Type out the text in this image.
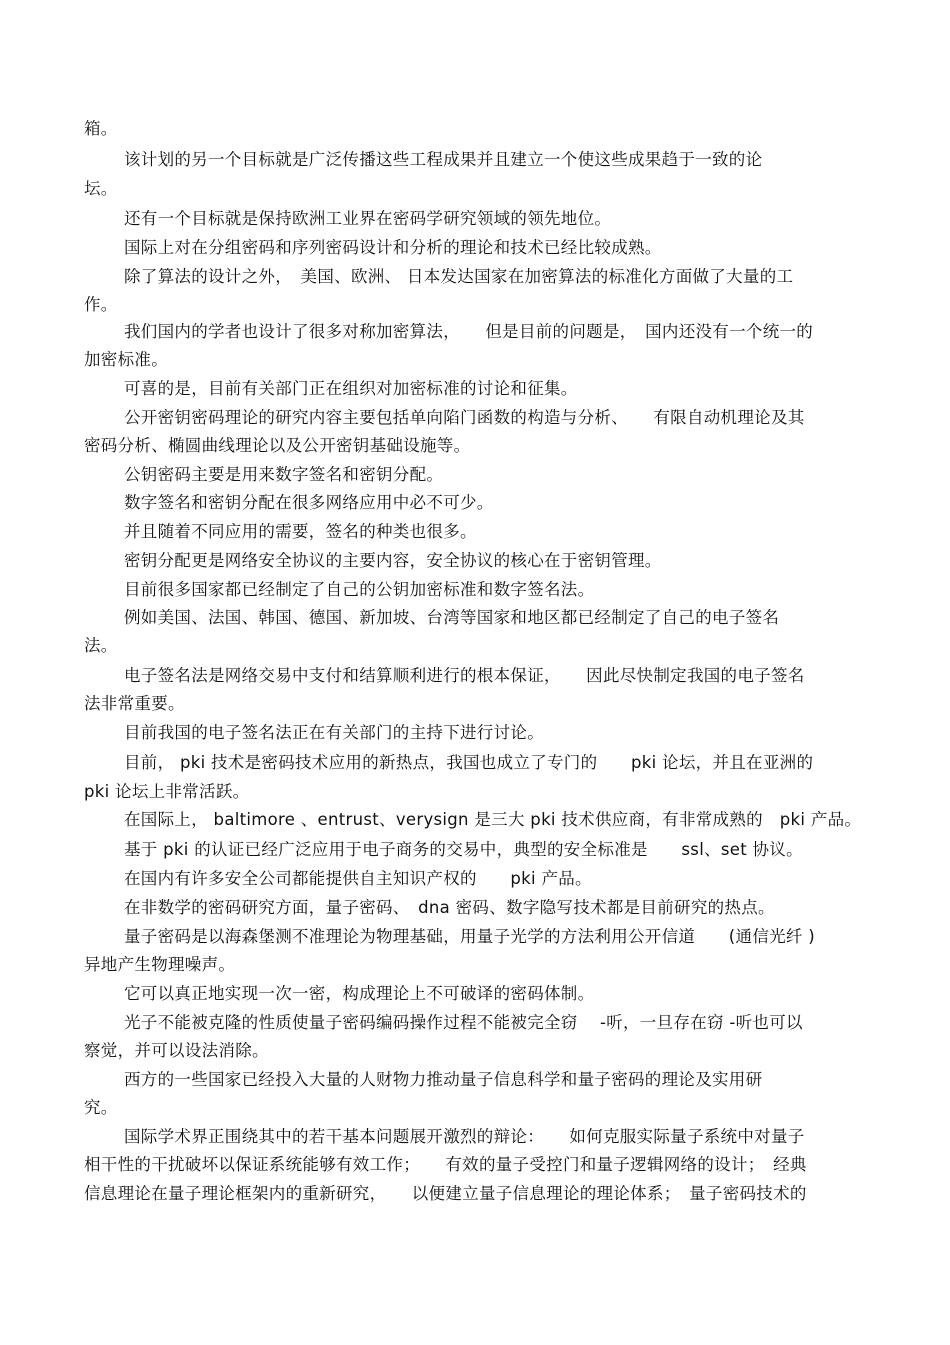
箱。
该计划的另一个目标就是广泛传播这些工程成果并且建立一个使这些成果趋于一致的论
坛。
还有一个目标就是保持欧洲工业界在密码学研究领域的领先地位。
国际上对在分组密码和序列密码设计和分析的理论和技术已经比较成熟。
除了算法的设计之外，　美国、欧洲、 日本发达国家在加密算法的标准化方面做了大量的工
作。
我们国内的学者也设计了很多对称加密算法，　　但是目前的问题是，　国内还没有一个统一的
加密标准。
可喜的是，目前有关部门正在组织对加密标准的讨论和征集。
公开密钥密码理论的研究内容主要包括单向陷门函数的构造与分析、　　有限自动机理论及其
密码分析、椭圆曲线理论以及公开密钥基础设施等。
公钥密码主要是用来数字签名和密钥分配。
数字签名和密钥分配在很多网络应用中必不可少。
并且随着不同应用的需要，签名的种类也很多。
密钥分配更是网络安全协议的主要内容，安全协议的核心在于密钥管理。
目前很多国家都已经制定了自己的公钥加密标准和数字签名法。
例如美国、法国、韩国、德国、新加坡、台湾等国家和地区都已经制定了自己的电子签名
法。
电子签名法是网络交易中支付和结算顺利进行的根本保证，　　因此尽快制定我国的电子签名
法非常重要。
目前我国的电子签名法正在有关部门的主持下进行讨论。
目前， pki 技术是密码技术应用的新热点，我国也成立了专门的　　pki 论坛，并且在亚洲的
pki 论坛上非常活跃。
在国际上， baltimore 、entrust、verysign 是三大 pki 技术供应商，有非常成熟的　pki 产品。
基于 pki 的认证已经广泛应用于电子商务的交易中，典型的安全标准是　　ssl、set 协议。
在国内有许多安全公司都能提供自主知识产权的　　pki 产品。
在非数学的密码研究方面，量子密码、　dna 密码、数字隐写技术都是目前研究的热点。
量子密码是以海森堡测不准理论为物理基础，用量子光学的方法利用公开信道　　(通信光纤 )
异地产生物理噪声。
它可以真正地实现一次一密，构成理论上不可破译的密码体制。
光子不能被克隆的性质使量子密码编码操作过程不能被完全窃　 -听，一旦存在窃 -听也可以
察觉，并可以设法消除。
西方的一些国家已经投入大量的人财物力推动量子信息科学和量子密码的理论及实用研
究。
国际学术界正围绕其中的若干基本问题展开激烈的辩论：　　如何克服实际量子系统中对量子
相干性的干扰破坏以保证系统能够有效工作；　　有效的量子受控门和量子逻辑网络的设计；　经典
信息理论在量子理论框架内的重新研究，　　以便建立量子信息理论的理论体系；　量子密码技术的
